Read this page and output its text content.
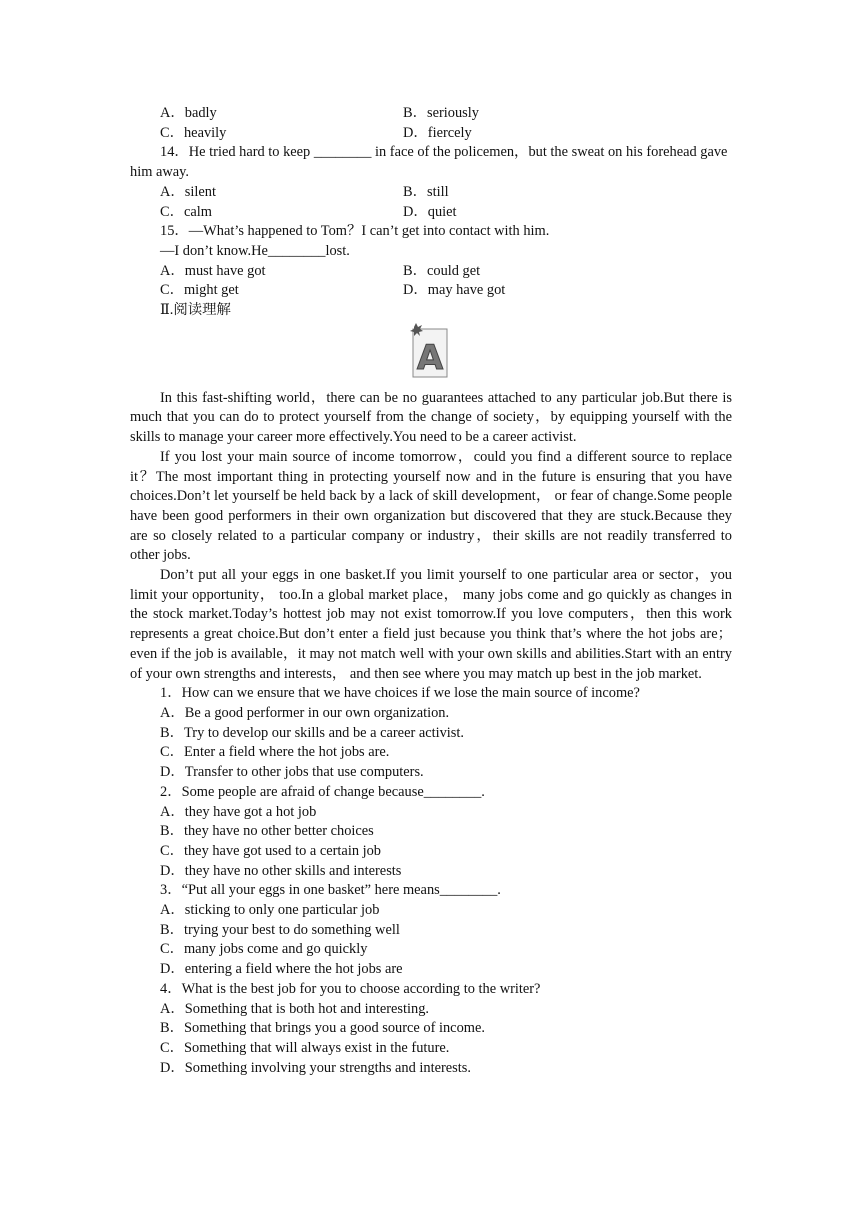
A．badly	B．seriously
C．heavily	D．fiercely

14．He tried hard to keep ________ in face of the policemen，but the sweat on his forehead gave him away.

A．silent	B．still
C．calm	D．quiet

15．—What’s happened to Tom？I can’t get into contact with him.

—I don’t know.He________lost.

A．must have got	B．could get
C．might get	D．may have got

Ⅱ.阅读理解

A

In this fast-shifting world，there can be no guarantees attached to any particular job.But there is much that you can do to protect yourself from the change of society，by equipping yourself with the skills to manage your career more effectively.You need to be a career activist.

If you lost your main source of income tomorrow，could you find a different source to replace it？The most important thing in protecting yourself now and in the future is ensuring that you have choices.Don’t let yourself be held back by a lack of skill development， or fear of change.Some people have been good performers in their own organization but discovered that they are stuck.Because they are so closely related to a particular company or industry，their skills are not readily transferred to other jobs.

Don’t put all your eggs in one basket.If you limit yourself to one particular area or sector，you limit your opportunity， too.In a global market place， many jobs come and go quickly as changes in the stock market.Today’s hottest job may not exist tomorrow.If you love computers，then this work represents a great choice.But don’t enter a field just because you think that’s where the hot jobs are；even if the job is available，it may not match well with your own skills and abilities.Start with an entry of your own strengths and interests， and then see where you may match up best in the job market.

1．How can we ensure that we have choices if we lose the main source of income?

A．Be a good performer in our own organization.

B．Try to develop our skills and be a career activist.

C．Enter a field where the hot jobs are.

D．Transfer to other jobs that use computers.

2．Some people are afraid of change because________.

A．they have got a hot job

B．they have no other better choices

C．they have got used to a certain job

D．they have no other skills and interests

3．“Put all your eggs in one basket” here means________.

A．sticking to only one particular job

B．trying your best to do something well

C．many jobs come and go quickly

D．entering a field where the hot jobs are

4．What is the best job for you to choose according to the writer?

A．Something that is both hot and interesting.

B．Something that brings you a good source of income.

C．Something that will always exist in the future.

D．Something involving your strengths and interests.
